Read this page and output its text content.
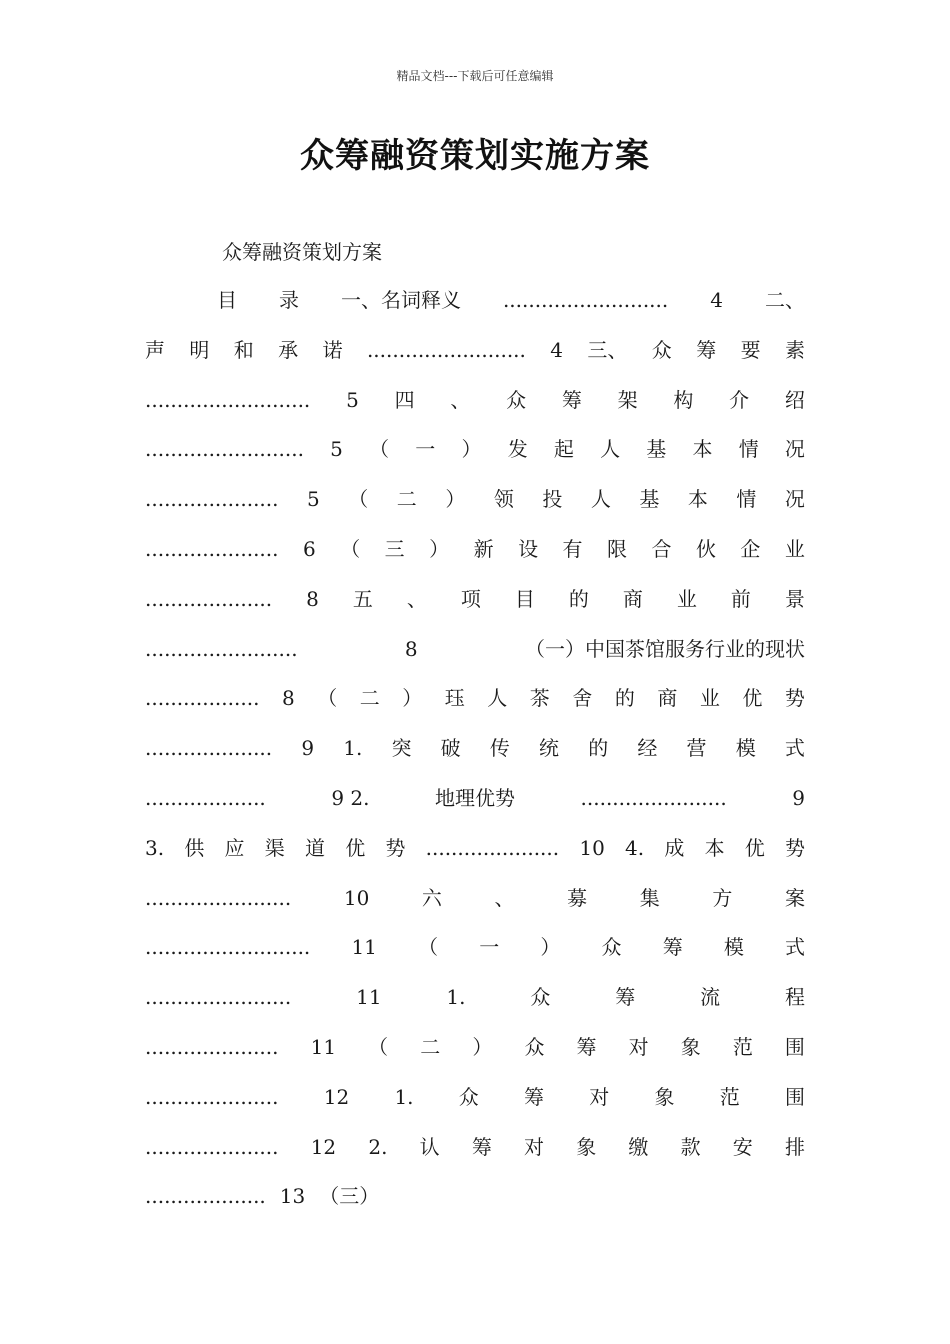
精品文档---下载后可任意编辑
众筹融资策划实施方案
众筹融资策划方案
目 录 一、名词释义 .......................... 4 二、
声 明 和 承 诺 ......................... 4 三、 众 筹 要 素
.......................... 5 四 、 众 筹 架 构 介 绍
......................... 5 （ 一 ） 发 起 人 基 本 情 况
..................... 5 （ 二 ） 领 投 人 基 本 情 况
..................... 6 （ 三 ） 新 设 有 限 合 伙 企 业
.................... 8 五 、 项 目 的 商 业 前 景
........................	8	（一）中国茶馆服务行业的现状
.................. 8 （ 二 ） 珏 人 茶 舍 的 商 业 优 势
.................... 9 1. 突 破 传 统 的 经 营 模 式
...................	9 2.	地理优势	.......................	9
3. 供 应 渠 道 优 势 ..................... 10 4. 成 本 优 势
.......................	10	六	、	募	集	方	案
.......................... 11 （ 一 ） 众 筹 模 式
.......................	11	1.	众	筹	流	程
..................... 11 （ 二 ） 众 筹 对 象 范 围
..................... 12 1. 众 筹 对 象 范 围
..................... 12 2. 认 筹 对 象 缴 款 安 排
................... 13 （三）
